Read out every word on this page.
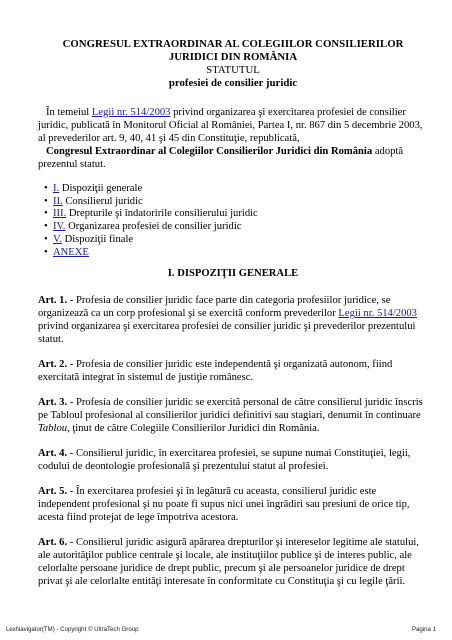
CONGRESUL EXTRAORDINAR AL COLEGIILOR CONSILIERILOR
JURIDICI DIN ROMÂNIA
STATUTUL
profesiei de consilier juridic

În temeiul Legii nr. 514/2003 privind organizarea şi exercitarea profesiei de consilier juridic, publicată în Monitorul Oficial al României, Partea I, nr. 867 din 5 decembrie 2003, al prevederilor art. 9, 40, 41 şi 45 din Constituţie, republicată,
Congresul Extraordinar al Colegiilor Consilierilor Juridici din România adoptă prezentul statut.

• I. Dispoziţii generale
• II. Consilierul juridic
• III. Drepturile şi îndatoririle consilierului juridic
• IV. Organizarea profesiei de consilier juridic
• V. Dispoziţii finale
• ANEXE
I. DISPOZIŢII GENERALE

Art. 1. - Profesia de consilier juridic face parte din categoria profesiilor juridice, se organizează ca un corp profesional şi se exercită conform prevederilor Legii nr. 514/2003 privind organizarea şi exercitarea profesiei de consilier juridic şi prevederilor prezentului statut.

Art. 2. - Profesia de consilier juridic este independentă şi organizată autonom, fiind exercitată integrat în sistemul de justiţie românesc.

Art. 3. - Profesia de consilier juridic se exercită personal de către consilierul juridic înscris pe Tabloul profesional al consilierilor juridici definitivi sau stagiari, denumit în continuare Tablou, ţinut de către Colegiile Consilierilor Juridici din România.

Art. 4. - Consilierul juridic, în exercitarea profesiei, se supune numai Constituţiei, legii, codului de deontologie profesională şi prezentului statut al profesiei.

Art. 5. - În exercitarea profesiei şi în legătură cu aceasta, consilierul juridic este independent profesional şi nu poate fi supus nici unei îngrădiri sau presiuni de orice tip, acesta fiind protejat de lege împotriva acestora.

Art. 6. - Consilierul juridic asigură apărarea drepturilor şi intereselor legitime ale statului, ale autorităţilor publice centrale şi locale, ale instituţiilor publice şi de interes public, ale celorlalte persoane juridice de drept public, precum şi ale persoanelor juridice de drept privat şi ale celorlalte entităţi interesate în conformitate cu Constituţia şi cu legile ţării.

LexNavigator(TM) - Copyright © UltraTech Group	Pagina 1
